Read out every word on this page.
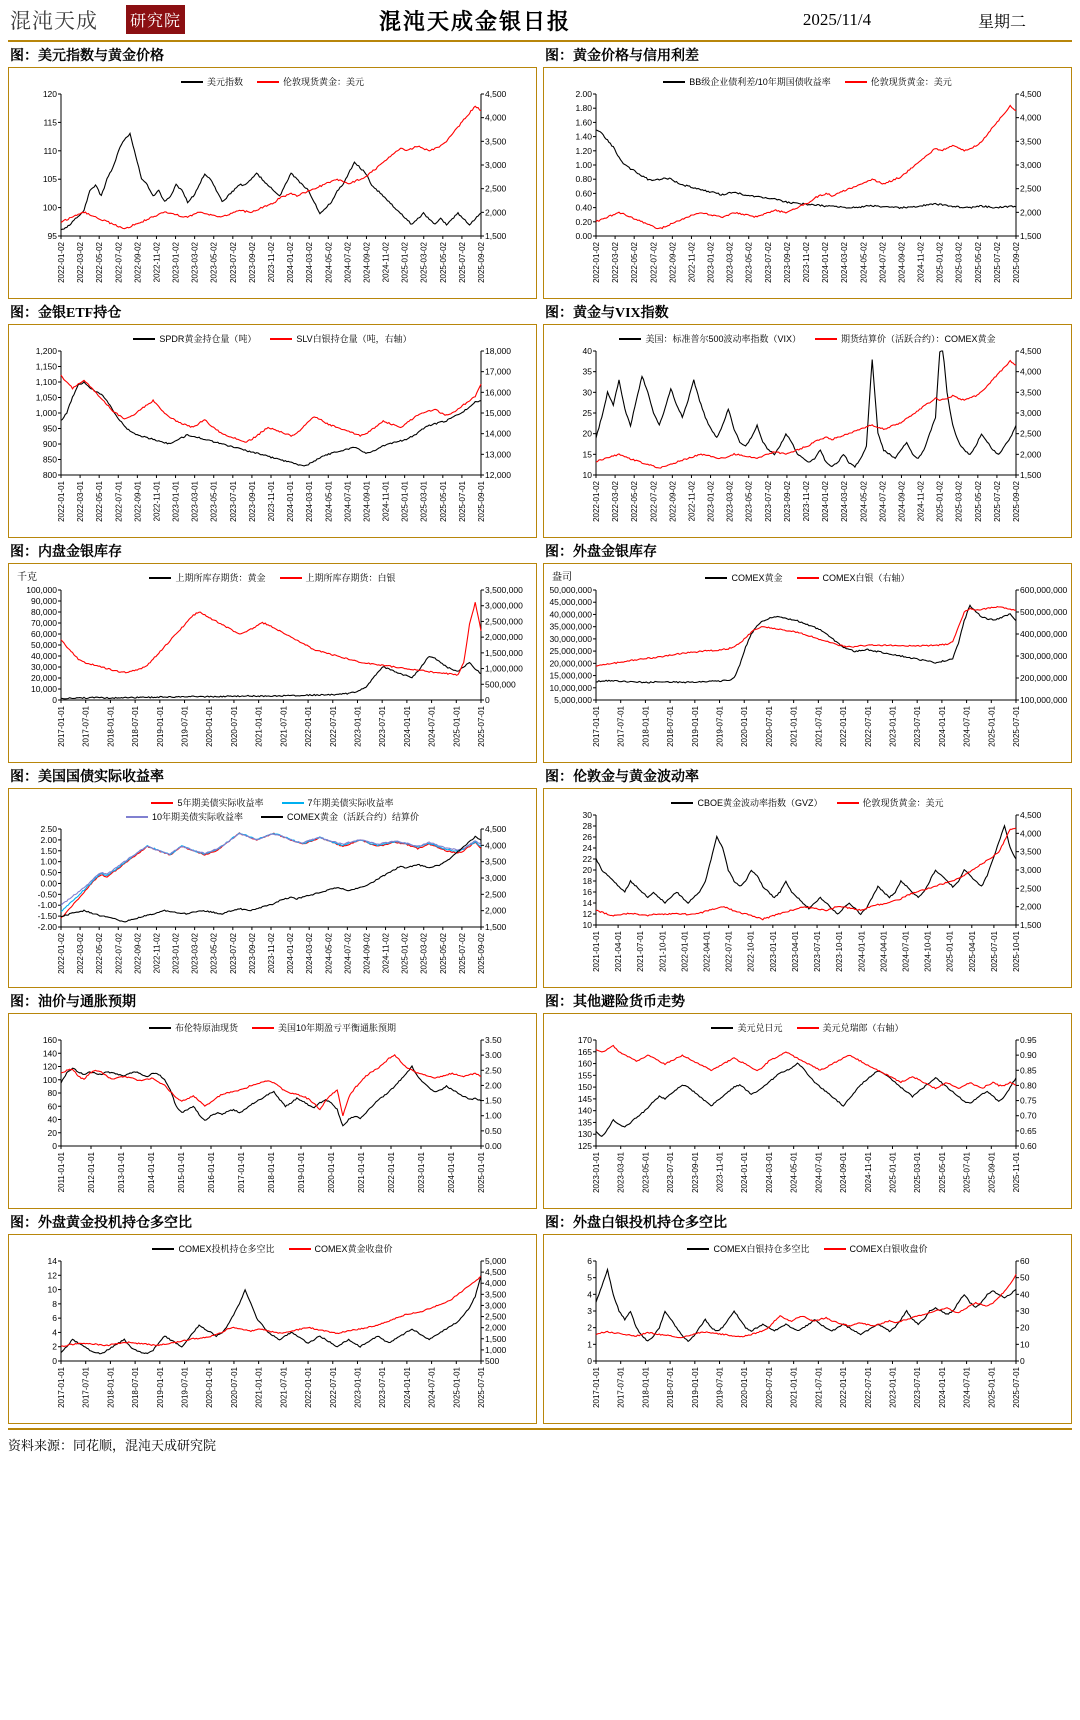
混沌天成 研究院	混沌天成金银日报	2025/11/4	星期二
图：美元指数与黄金价格
美元指数	伦敦现货黄金：美元
95
100
105
110
115
120
1,500
2,000
2,500
3,000
3,500
4,000
4,500
2022-01-02 2022-03-02 2022-05-02 2022-07-02 2022-09-02 2022-11-02 2023-01-02 2023-03-02 2023-05-02 2023-07-02 2023-09-02 2023-11-02 2024-01-02 2024-03-02 2024-05-02 2024-07-02 2024-09-02 2024-11-02 2025-01-02 2025-03-02 2025-05-02 2025-07-02 2025-09-02
图：黄金价格与信用利差
BB级企业债利差/10年期国债收益率	伦敦现货黄金：美元
0.00
0.20
0.40
0.60
0.80
1.00
1.20
1.40
1.60
1.80
2.00
1,500
2,000
2,500
3,000
3,500
4,000
4,500
2022-01-02 2022-03-02 2022-05-02 2022-07-02 2022-09-02 2022-11-02 2023-01-02 2023-03-02 2023-05-02 2023-07-02 2023-09-02 2023-11-02 2024-01-02 2024-03-02 2024-05-02 2024-07-02 2024-09-02 2024-11-02 2025-01-02 2025-03-02 2025-05-02 2025-07-02 2025-09-02
图：金银ETF持仓
SPDR黄金持仓量（吨）	SLV白银持仓量（吨，右轴）
800
850
900
950
1,000
1,050
1,100
1,150
1,200
12,000
13,000
14,000
15,000
16,000
17,000
18,000
2022-01-01 2022-03-01 2022-05-01 2022-07-01 2022-09-01 2022-11-01 2023-01-01 2023-03-01 2023-05-01 2023-07-01 2023-09-01 2023-11-01 2024-01-01 2024-03-01 2024-05-01 2024-07-01 2024-09-01 2024-11-01 2025-01-01 2025-03-01 2025-05-01 2025-07-01 2025-09-01
图：黄金与VIX指数
美国：标准普尔500波动率指数（VIX）	期货结算价（活跃合约）：COMEX黄金
10
15
20
25
30
35
40
1,500
2,000
2,500
3,000
3,500
4,000
4,500
2022-01-02 2022-03-02 2022-05-02 2022-07-02 2022-09-02 2022-11-02 2023-01-02 2023-03-02 2023-05-02 2023-07-02 2023-09-02 2023-11-02 2024-01-02 2024-03-02 2024-05-02 2024-07-02 2024-09-02 2024-11-02 2025-01-02 2025-03-02 2025-05-02 2025-07-02 2025-09-02
图：内盘金银库存
上期所库存期货：黄金	上期所库存期货：白银
千克
0
10,000
20,000
30,000
40,000
50,000
60,000
70,000
80,000
90,000
100,000
0
500,000
1,000,000
1,500,000
2,000,000
2,500,000
3,000,000
3,500,000
2017-01-01 2017-07-01 2018-01-01 2018-07-01 2019-01-01 2019-07-01 2020-01-01 2020-07-01 2021-01-01 2021-07-01 2022-01-01 2022-07-01 2023-01-01 2023-07-01 2024-01-01 2024-07-01 2025-01-01 2025-07-01
图：外盘金银库存
COMEX黄金	COMEX白银（右轴）
盎司
5,000,000
10,000,000
15,000,000
20,000,000
25,000,000
30,000,000
35,000,000
40,000,000
45,000,000
50,000,000
100,000,000
200,000,000
300,000,000
400,000,000
500,000,000
600,000,000
2017-01-01 2017-07-01 2018-01-01 2018-07-01 2019-01-01 2019-07-01 2020-01-01 2020-07-01 2021-01-01 2021-07-01 2022-01-01 2022-07-01 2023-01-01 2023-07-01 2024-01-01 2024-07-01 2025-01-01 2025-07-01
图：美国国债实际收益率
5年期美债实际收益率	7年期美债实际收益率
10年期美债实际收益率	COMEX黄金（活跃合约）结算价
-2.00
-1.50
-1.00
-0.50
0.00
0.50
1.00
1.50
2.00
2.50
1,500
2,000
2,500
3,000
3,500
4,000
4,500
2022-01-02 2022-03-02 2022-05-02 2022-07-02 2022-09-02 2022-11-02 2023-01-02 2023-03-02 2023-05-02 2023-07-02 2023-09-02 2023-11-02 2024-01-02 2024-03-02 2024-05-02 2024-07-02 2024-09-02 2024-11-02 2025-01-02 2025-03-02 2025-05-02 2025-07-02 2025-09-02
图：伦敦金与黄金波动率
CBOE黄金波动率指数（GVZ）	伦敦现货黄金：美元
10
12
14
16
18
20
22
24
26
28
30
1,500
2,000
2,500
3,000
3,500
4,000
4,500
2021-01-01 2021-04-01 2021-07-01 2021-10-01 2022-01-01 2022-04-01 2022-07-01 2022-10-01 2023-01-01 2023-04-01 2023-07-01 2023-10-01 2024-01-01 2024-04-01 2024-07-01 2024-10-01 2025-01-01 2025-04-01 2025-07-01 2025-10-01
图：油价与通胀预期
布伦特原油现货	美国10年期盈亏平衡通胀预期
0
20
40
60
80
100
120
140
160
0.00
0.50
1.00
1.50
2.00
2.50
3.00
3.50
2011-01-01	2012-01-01	2013-01-01	2014-01-01	2015-01-01	2016-01-01	2017-01-01	2018-01-01	2019-01-01	2020-01-01	2021-01-01	2022-01-01	2023-01-01	2024-01-01	2025-01-01
图：其他避险货币走势
美元兑日元	美元兑瑞郎（右轴）
125
130
135
140
145
150
155
160
165
170
0.60
0.65
0.70
0.75
0.80
0.85
0.90
0.95
2023-01-01 2023-03-01 2023-05-01 2023-07-01 2023-09-01 2023-11-01 2024-01-01 2024-03-01 2024-05-01 2024-07-01 2024-09-01 2024-11-01 2025-01-01 2025-03-01 2025-05-01 2025-07-01 2025-09-01 2025-11-01
图：外盘黄金投机持仓多空比
COMEX投机持仓多空比	COMEX黄金收盘价
0
2
4
6
8
10
12
14
500
1,000
1,500
2,000
2,500
3,000
3,500
4,000
4,500
5,000
2017-01-01 2017-07-01 2018-01-01 2018-07-01 2019-01-01 2019-07-01 2020-01-01 2020-07-01 2021-01-01 2021-07-01 2022-01-01 2022-07-01 2023-01-01 2023-07-01 2024-01-01 2024-07-01 2025-01-01 2025-07-01
图：外盘白银投机持仓多空比
COMEX白银持仓多空比	COMEX白银收盘价
0
1
2
3
4
5
6
0
10
20
30
40
50
60
2017-01-01 2017-07-01 2018-01-01 2018-07-01 2019-01-01 2019-07-01 2020-01-01 2020-07-01 2021-01-01 2021-07-01 2022-01-01 2022-07-01 2023-01-01 2023-07-01 2024-01-01 2024-07-01 2025-01-01 2025-07-01
资料来源：同花顺，混沌天成研究院
